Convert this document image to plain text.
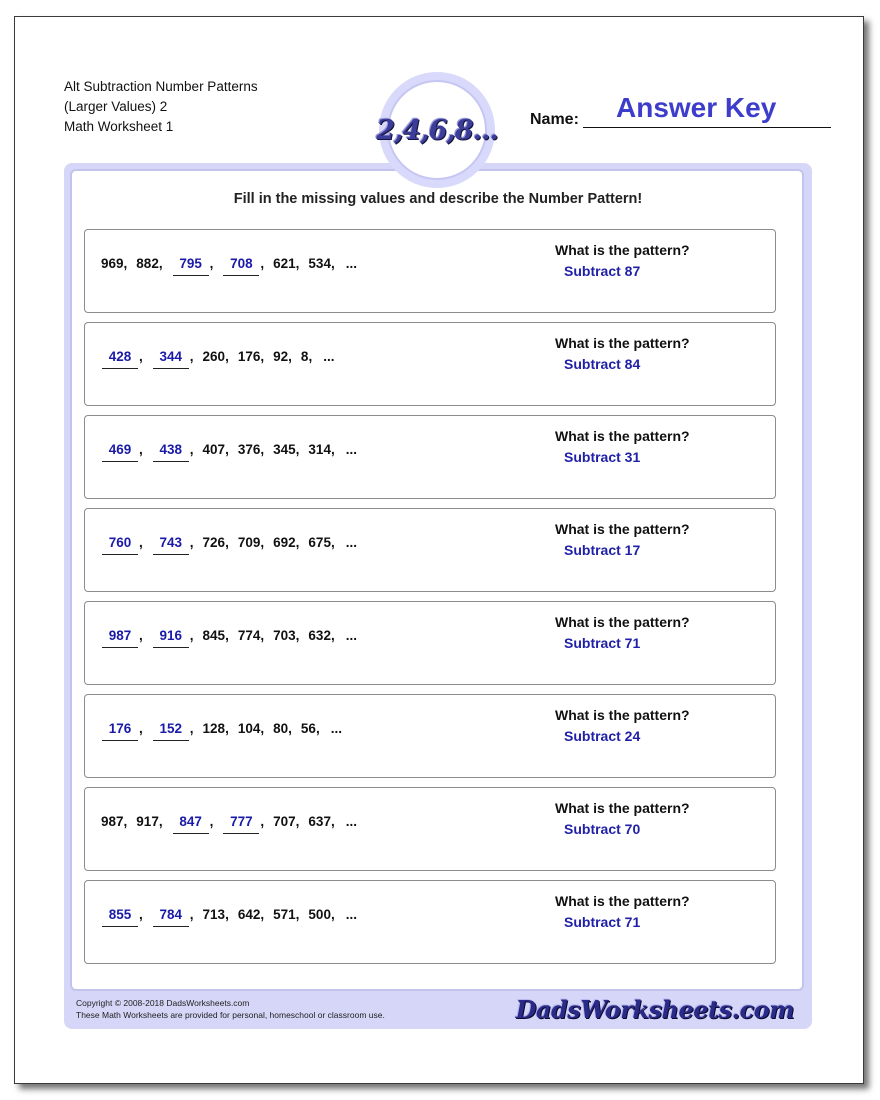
Alt Subtraction Number Patterns
(Larger Values) 2
Math Worksheet 1	2,4,6,8... Name: Answer Key
Fill in the missing values and describe the Number Pattern!
969 , 882 ,	795 ,	708 , 621 , 534 , ...
What is the pattern?
Subtract 87
428 ,	344 , 260 , 176 , 92 , 8 , ...
What is the pattern?
Subtract 84
469 ,	438 , 407 , 376 , 345 , 314 , ...
What is the pattern?
Subtract 31
760 ,	743 , 726 , 709 , 692 , 675 , ...
What is the pattern?
Subtract 17
987 ,	916 , 845 , 774 , 703 , 632 , ...
What is the pattern?
Subtract 71
176 ,	152 , 128 , 104 , 80 , 56 , ...
What is the pattern?
Subtract 24
987 , 917 ,	847 ,	777 , 707 , 637 , ...
What is the pattern?
Subtract 70
855 ,	784 , 713 , 642 , 571 , 500 , ...
What is the pattern?
Subtract 71
Copyright © 2008-2018 DadsWorksheets.com
These Math Worksheets are provided for personal, homeschool or classroom use.	DadsWorksheets.com
